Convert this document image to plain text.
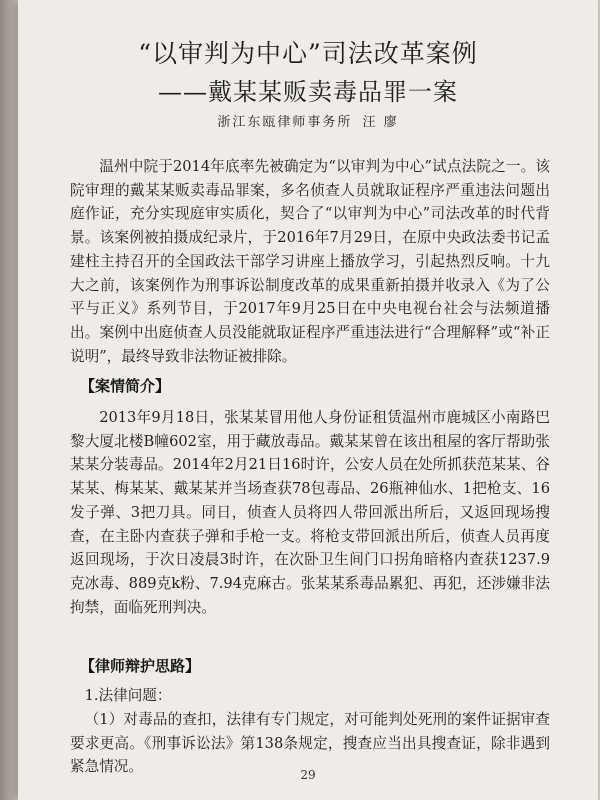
“以审判为中心”司法改革案例
——戴某某贩卖毒品罪一案
浙江东瓯律师事务所 汪 廖

温州中院于2014年底率先被确定为“以审判为中心”试点法院之一。该院审理的戴某某贩卖毒品罪案，多名侦查人员就取证程序严重违法问题出庭作证，充分实现庭审实质化，契合了“以审判为中心”司法改革的时代背景。该案例被拍摄成纪录片，于2016年7月29日，在原中央政法委书记孟建柱主持召开的全国政法干部学习讲座上播放学习，引起热烈反响。十九大之前，该案例作为刑事诉讼制度改革的成果重新拍摄并收录入《为了公平与正义》系列节目，于2017年9月25日在中央电视台社会与法频道播出。案例中出庭侦查人员没能就取证程序严重违法进行“合理解释”或“补正说明”，最终导致非法物证被排除。

【案情简介】

2013年9月18日，张某某冒用他人身份证租赁温州市鹿城区小南路巴黎大厦北楼B幢602室，用于藏放毒品。戴某某曾在该出租屋的客厅帮助张某某分装毒品。2014年2月21日16时许，公安人员在处所抓获范某某、谷某某、梅某某、戴某某并当场查获78包毒品、26瓶神仙水、1把枪支、16发子弹、3把刀具。同日，侦查人员将四人带回派出所后，又返回现场搜查，在主卧内查获子弹和手枪一支。将枪支带回派出所后，侦查人员再度返回现场，于次日凌晨3时许，在次卧卫生间门口拐角暗格内查获1237.9克冰毒、889克k粉、7.94克麻古。张某某系毒品累犯、再犯，还涉嫌非法拘禁，面临死刑判决。

【律师辩护思路】

1.法律问题：

（1）对毒品的查扣，法律有专门规定，对可能判处死刑的案件证据审查要求更高。《刑事诉讼法》第138条规定，搜查应当出具搜查证，除非遇到紧急情况。	29
